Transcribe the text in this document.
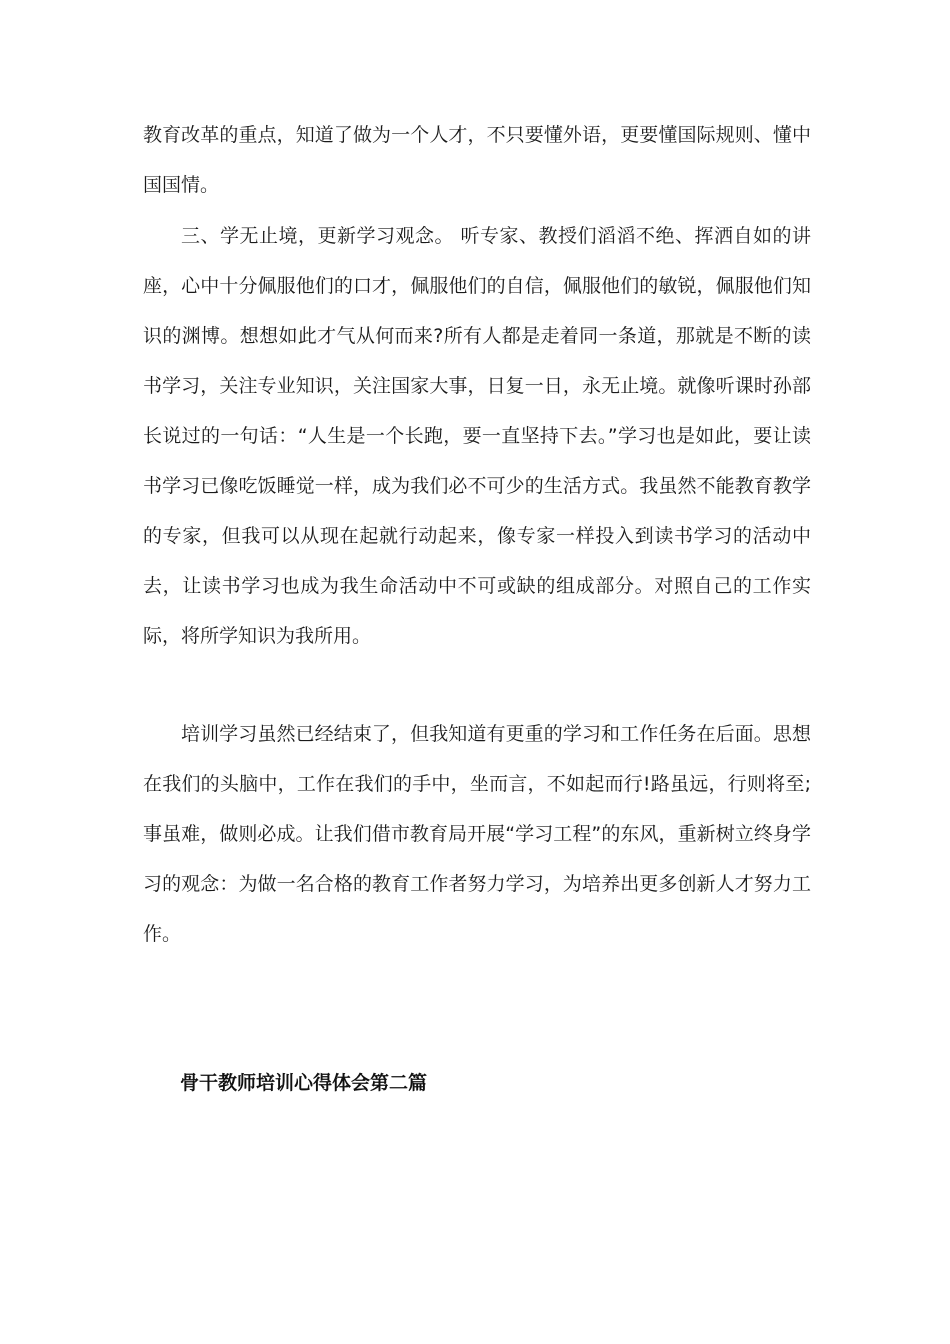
教育改革的重点，知道了做为一个人才，不只要懂外语，更要懂国际规则、懂中国国情。

三、学无止境，更新学习观念。 听专家、教授们滔滔不绝、挥洒自如的讲座，心中十分佩服他们的口才，佩服他们的自信，佩服他们的敏锐，佩服他们知识的渊博。想想如此才气从何而来?所有人都是走着同一条道，那就是不断的读书学习，关注专业知识，关注国家大事，日复一日，永无止境。就像听课时孙部长说过的一句话：“人生是一个长跑，要一直坚持下去。”学习也是如此，要让读书学习已像吃饭睡觉一样，成为我们必不可少的生活方式。我虽然不能教育教学的专家，但我可以从现在起就行动起来，像专家一样投入到读书学习的活动中去，让读书学习也成为我生命活动中不可或缺的组成部分。对照自己的工作实际，将所学知识为我所用。

培训学习虽然已经结束了，但我知道有更重的学习和工作任务在后面。思想在我们的头脑中，工作在我们的手中，坐而言，不如起而行!路虽远，行则将至;事虽难，做则必成。让我们借市教育局开展“学习工程”的东风，重新树立终身学习的观念：为做一名合格的教育工作者努力学习，为培养出更多创新人才努力工作。

骨干教师培训心得体会第二篇
